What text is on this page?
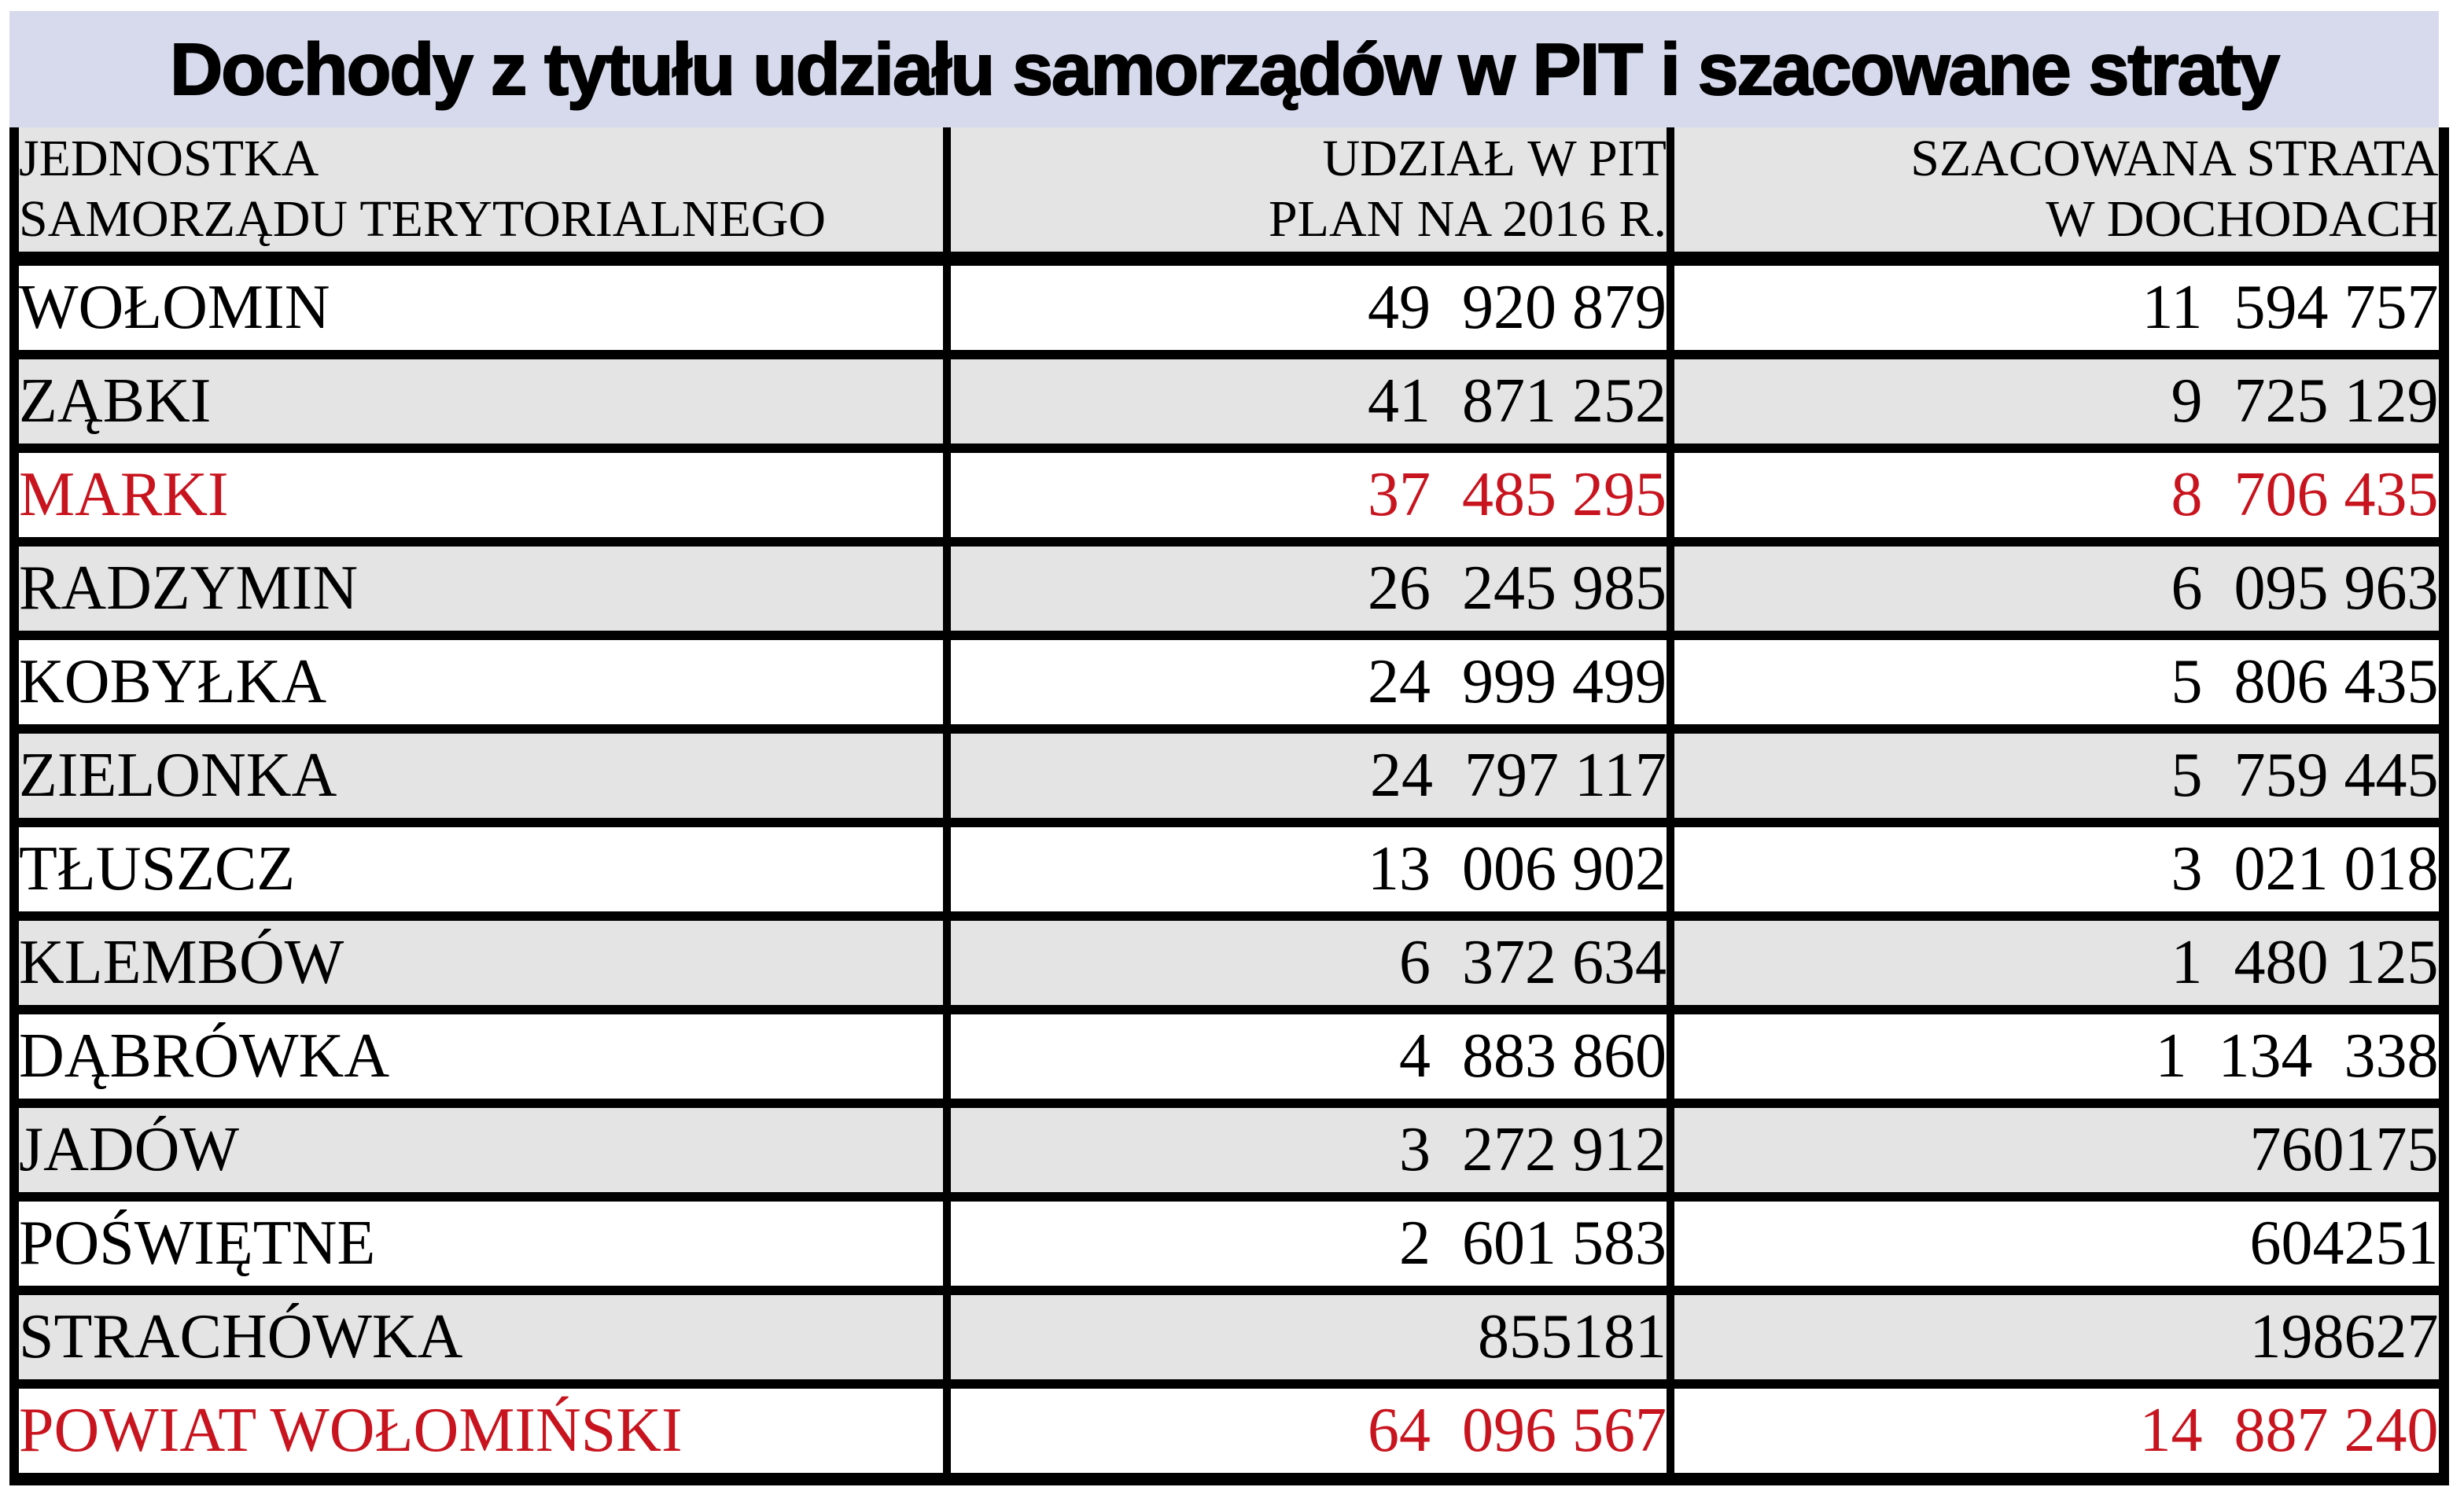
Dochody z tytułu udziału samorządów w PIT i szacowane straty
JEDNOSTKA
SAMORZĄDU TERYTORIALNEGO

UDZIAŁ W PIT
PLAN NA 2016 R.

SZACOWANA STRATA
W DOCHODACH

WOŁOMIN	49  920 879	11  594 757
ZĄBKI	41  871 252	9  725 129
MARKI	37  485 295	8  706 435
RADZYMIN	26  245 985	6  095 963
KOBYŁKA	24  999 499	5  806 435
ZIELONKA	24  797 117	5  759 445
TŁUSZCZ	13  006 902	3  021 018
KLEMBÓW	6  372 634	1  480 125
DĄBRÓWKA	4  883 860	1  134  338
JADÓW	3  272 912	760175
POŚWIĘTNE	2  601 583	604251
STRACHÓWKA	855181	198627
POWIAT WOŁOMIŃSKI	64  096 567	14  887 240
